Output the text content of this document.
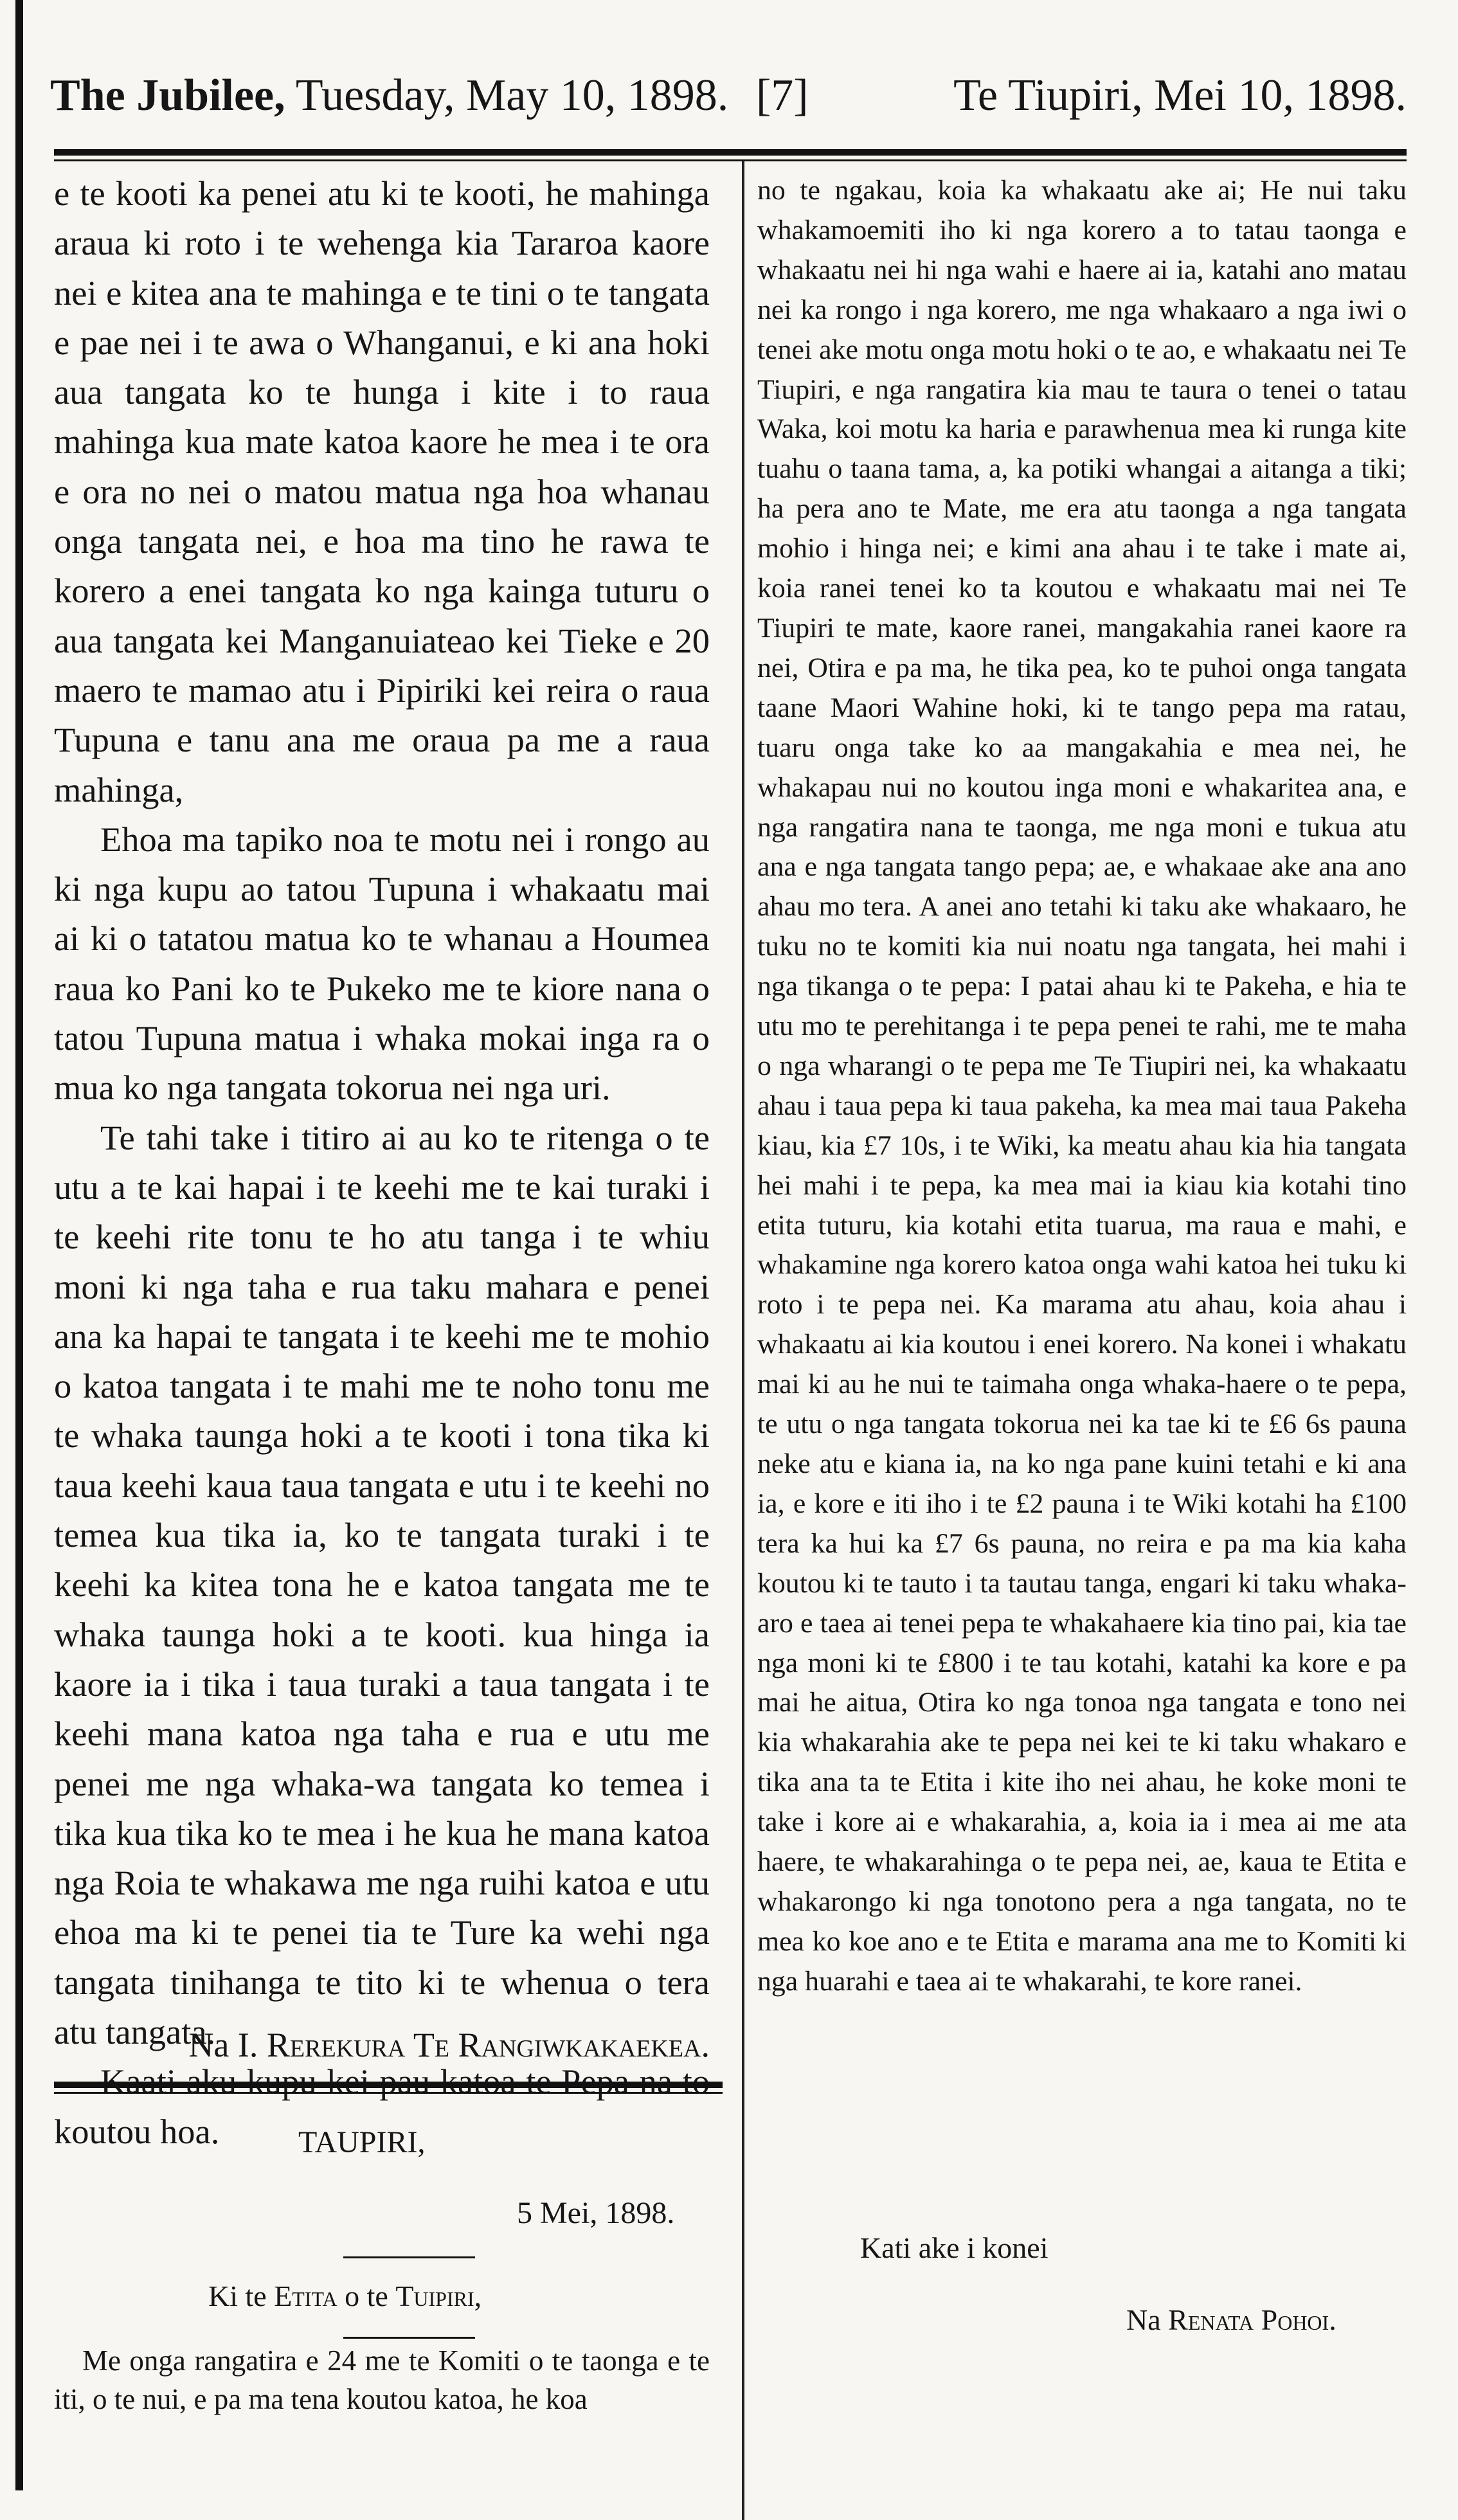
The Jubilee, Tuesday, May 10, 1898. [7]	Te Tiupiri, Mei 10, 1898.

e te kooti ka penei atu ki te kooti, he mahinga araua ki roto i te wehenga kia Tararoa kaore nei e kitea ana te mahinga e te tini o te tangata e pae nei i te awa o Whanganui, e ki ana hoki aua tangata ko te hunga i kite i to raua mahinga kua mate katoa kaore he mea i te ora e ora no nei o matou matua nga hoa whanau onga tangata nei, e hoa ma tino he rawa te korero a enei tangata ko nga kainga tuturu o aua tangata kei Manganuiateao kei Tieke e 20 maero te mamao atu i Pipiriki kei reira o raua Tupuna e tanu ana me oraua pa me a raua mahinga,

Ehoa ma tapiko noa te motu nei i rongo au ki nga kupu ao tatou Tupuna i whakaatu mai ai ki o tatatou matua ko te whanau a Houmea raua ko Pani ko te Pukeko me te kiore nana o tatou Tupuna matua i whaka mokai inga ra o mua ko nga tangata tokorua nei nga uri.

Te tahi take i titiro ai au ko te ritenga o te utu a te kai hapai i te keehi me te kai turaki i te keehi rite tonu te ho atu tanga i te whiu moni ki nga taha e rua taku mahara e penei ana ka hapai te tangata i te keehi me te mohio o katoa tangata i te mahi me te noho tonu me te whaka taunga hoki a te kooti i tona tika ki taua keehi kaua taua tangata e utu i te keehi no temea kua tika ia, ko te tangata turaki i te keehi ka kitea tona he e katoa tangata me te whaka taunga hoki a te kooti. kua hinga ia kaore ia i tika i taua turaki a taua tangata i te keehi mana katoa nga taha e rua e utu me penei me nga whaka-wa tangata ko temea i tika kua tika ko te mea i he kua he mana katoa nga Roia te whakawa me nga ruihi katoa e utu ehoa ma ki te penei tia te Ture ka wehi nga tangata tinihanga te tito ki te whenua o tera atu tangata.

koutou hoa.

Na I. Rerekura Te Rangiwkakaekea.
TAUPIRI,
5 Mei, 1898.
Ki te Etita o te Tuipiri,

Me onga rangatira e 24 me te Komiti o te taonga e te iti, o te nui, e pa ma tena koutou katoa, he koa

no te ngakau, koia ka whakaatu ake ai; He nui taku whakamoemiti iho ki nga korero a to tatau taonga e whakaatu nei hi nga wahi e haere ai ia, katahi ano matau nei ka rongo i nga korero, me nga whakaaro a nga iwi o tenei ake motu onga motu hoki o te ao, e whakaatu nei Te Tiupiri, e nga rangatira kia mau te taura o tenei o tatau Waka, koi motu ka haria e parawhenua mea ki runga kite tuahu o taana tama, a, ka potiki whangai a aitanga a tiki; ha pera ano te Mate, me era atu taonga a nga tangata mohio i hinga nei; e kimi ana ahau i te take i mate ai, koia ranei tenei ko ta koutou e whakaatu mai nei Te Tiupiri te mate, kaore ranei, mangakahia ranei kaore ra nei, Otira e pa ma, he tika pea, ko te puhoi onga tangata taane Maori Wahine hoki, ki te tango pepa ma ratau, tuaru onga take ko aa mangakahia e mea nei, he whakapau nui no koutou inga moni e whakaritea ana, e nga rangatira nana te taonga, me nga moni e tukua atu ana e nga tangata tango pepa; ae, e whakaae ake ana ano ahau mo tera. A anei ano tetahi ki taku ake whakaaro, he tuku no te komiti kia nui noatu nga tangata, hei mahi i nga tikanga o te pepa: I patai ahau ki te Pakeha, e hia te utu mo te perehitanga i te pepa penei te rahi, me te maha o nga wharangi o te pepa me Te Tiupiri nei, ka whakaatu ahau i taua pepa ki taua pakeha, ka mea mai taua Pakeha kiau, kia £7 10s, i te Wiki, ka meatu ahau kia hia tangata hei mahi i te pepa, ka mea mai ia kiau kia kotahi tino etita tuturu, kia kotahi etita tuarua, ma raua e mahi, e whakamine nga korero katoa onga wahi katoa hei tuku ki roto i te pepa nei. Ka marama atu ahau, koia ahau i whakaatu ai kia koutou i enei korero. Na konei i whakatu mai ki au he nui te taimaha onga whaka-haere o te pepa, te utu o nga tangata tokorua nei ka tae ki te £6 6s pauna neke atu e kiana ia, na ko nga pane kuini tetahi e ki ana ia, e kore e iti iho i te £2 pauna i te Wiki kotahi ha £100 tera ka hui ka £7 6s pauna, no reira e pa ma kia kaha koutou ki te tauto i ta tautau tanga, engari ki taku whaka-aro e taea ai tenei pepa te whakahaere kia tino pai, kia tae nga moni ki te £800 i te tau kotahi, katahi ka kore e pa mai he aitua, Otira ko nga tonoa nga tangata e tono nei kia whakarahia ake te pepa nei kei te ki taku whakaro e tika ana ta te Etita i kite iho nei ahau, he koke moni te take i kore ai e whakarahia, a, koia ia i mea ai me ata haere, te whakarahinga o te pepa nei, ae, kaua te Etita e whakarongo ki nga tonotono pera a nga tangata, no te mea ko koe ano e te Etita e marama ana me to Komiti ki nga huarahi e taea ai te whakarahi, te kore ranei.

Kati ake i konei
Na Renata Pohoi.
